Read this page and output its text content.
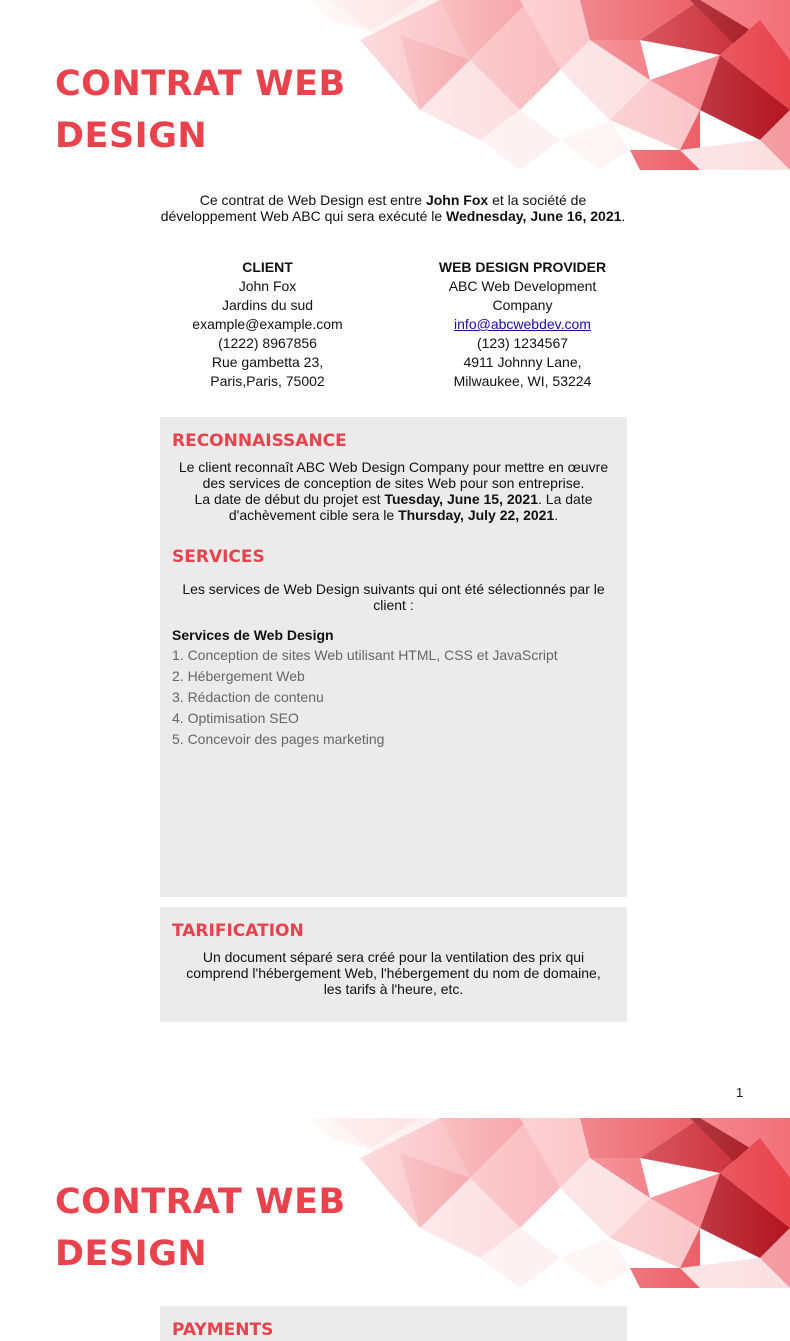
CONTRAT WEB
DESIGN
Ce contrat de Web Design est entre John Fox et la société de développement Web ABC qui sera exécuté le Wednesday, June 16, 2021.
CLIENT
John Fox
Jardins du sud
example@example.com
(1222) 8967856
Rue gambetta 23,
Paris,Paris, 75002
WEB DESIGN PROVIDER
ABC Web Development
Company
info@abcwebdev.com
(123) 1234567
4911 Johnny Lane,
Milwaukee, WI, 53224
RECONNAISSANCE

Le client reconnaît ABC Web Design Company pour mettre en œuvre des services de conception de sites Web pour son entreprise.

La date de début du projet est Tuesday, June 15, 2021. La date d'achèvement cible sera le Thursday, July 22, 2021.

SERVICES

Les services de Web Design suivants qui ont été sélectionnés par le client :

Services de Web Design

1. Conception de sites Web utilisant HTML, CSS et JavaScript
2. Hébergement Web
3. Rédaction de contenu
4. Optimisation SEO
5. Concevoir des pages marketing
TARIFICATION

Un document séparé sera créé pour la ventilation des prix qui comprend l'hébergement Web, l'hébergement du nom de domaine, les tarifs à l'heure, etc.

1
CONTRAT WEB
DESIGN
PAYMENTS
